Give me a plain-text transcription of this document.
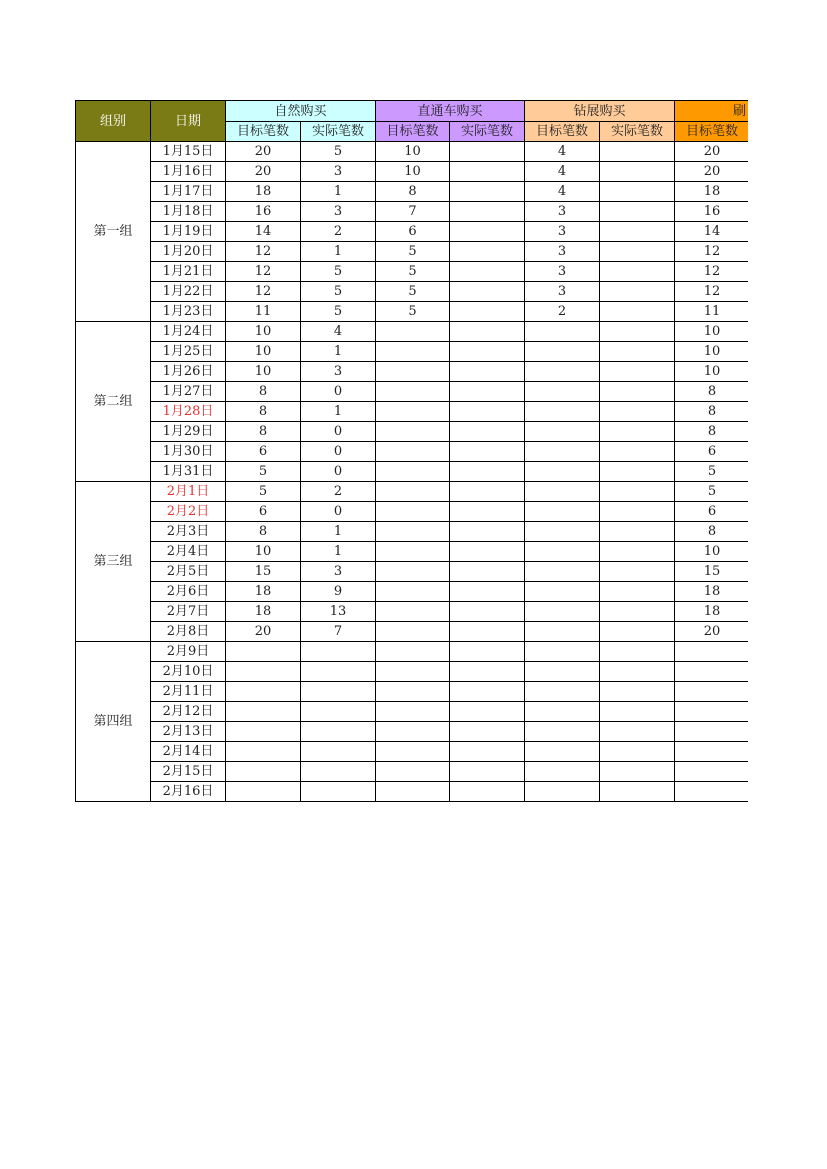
组别	日期	自然购买		直通车购买		钻展购买		刷
		目标笔数	实际笔数	目标笔数	实际笔数	目标笔数	实际笔数	目标笔数
第一组	1月15日	20	5	10		4		20
	1月16日	20	3	10		4		20
	1月17日	18	1	8		4		18
	1月18日	16	3	7		3		16
	1月19日	14	2	6		3		14
	1月20日	12	1	5		3		12
	1月21日	12	5	5		3		12
	1月22日	12	5	5		3		12
	1月23日	11	5	5		2		11
第二组	1月24日	10	4					10
	1月25日	10	1					10
	1月26日	10	3					10
	1月27日	8	0					8
	1月28日	8	1					8
	1月29日	8	0					8
	1月30日	6	0					6
	1月31日	5	0					5
第三组	2月1日	5	2					5
	2月2日	6	0					6
	2月3日	8	1					8
	2月4日	10	1					10
	2月5日	15	3					15
	2月6日	18	9					18
	2月7日	18	13					18
	2月8日	20	7					20
第四组	2月9日							
	2月10日							
	2月11日							
	2月12日							
	2月13日							
	2月14日							
	2月15日							
	2月16日							
